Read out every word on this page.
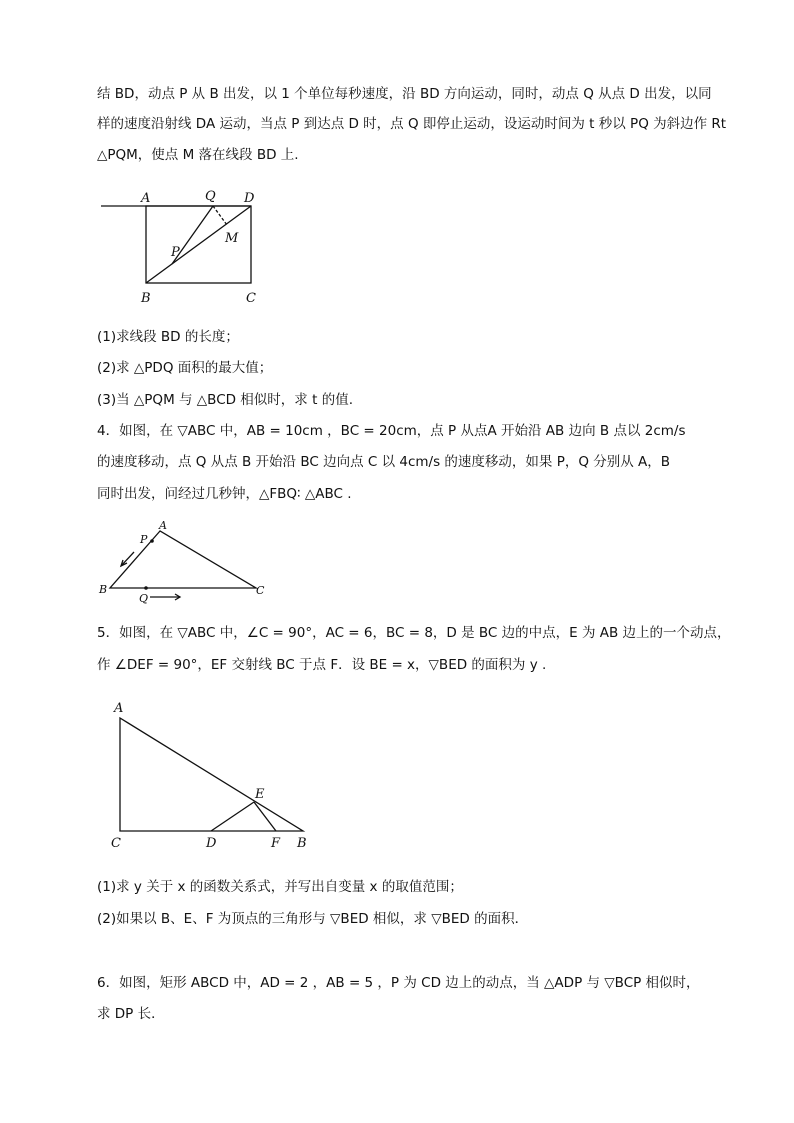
结 BD，动点 P 从 B 出发，以 1 个单位每秒速度，沿 BD 方向运动，同时，动点 Q 从点 D 出发，以同
样的速度沿射线 DA 运动，当点 P 到达点 D 时，点 Q 即停止运动，设运动时间为 t 秒以 PQ 为斜边作 Rt
△PQM，使点 M 落在线段 BD 上.
A	Q D
M
P
B	C
(1)求线段 BD 的长度；
(2)求 △PDQ 面积的最大值；
(3)当 △PQM 与 △BCD 相似时，求 t 的值.
4．如图，在 ▽ABC 中，AB = 10cm ，BC = 20cm，点 P 从点A 开始沿 AB 边向 B 点以 2cm/s
的速度移动，点 Q 从点 B 开始沿 BC 边向点 C 以 4cm/s 的速度移动，如果 P，Q 分别从 A，B
同时出发，问经过几秒钟，△FBQ∶ △ABC .
A
P
B
Q
C
5．如图，在 ▽ABC 中，∠C = 90°，AC = 6，BC = 8，D 是 BC 边的中点，E 为 AB 边上的一个动点，
作 ∠DEF = 90°，EF 交射线 BC 于点 F．设 BE = x，▽BED 的面积为 y .
A
E
C	D	F B
(1)求 y 关于 x 的函数关系式，并写出自变量 x 的取值范围；
(2)如果以 B、E、F 为顶点的三角形与 ▽BED 相似，求 ▽BED 的面积．
6．如图，矩形 ABCD 中，AD = 2 ，AB = 5 ，P 为 CD 边上的动点，当 △ADP 与 ▽BCP 相似时，
求 DP 长．
